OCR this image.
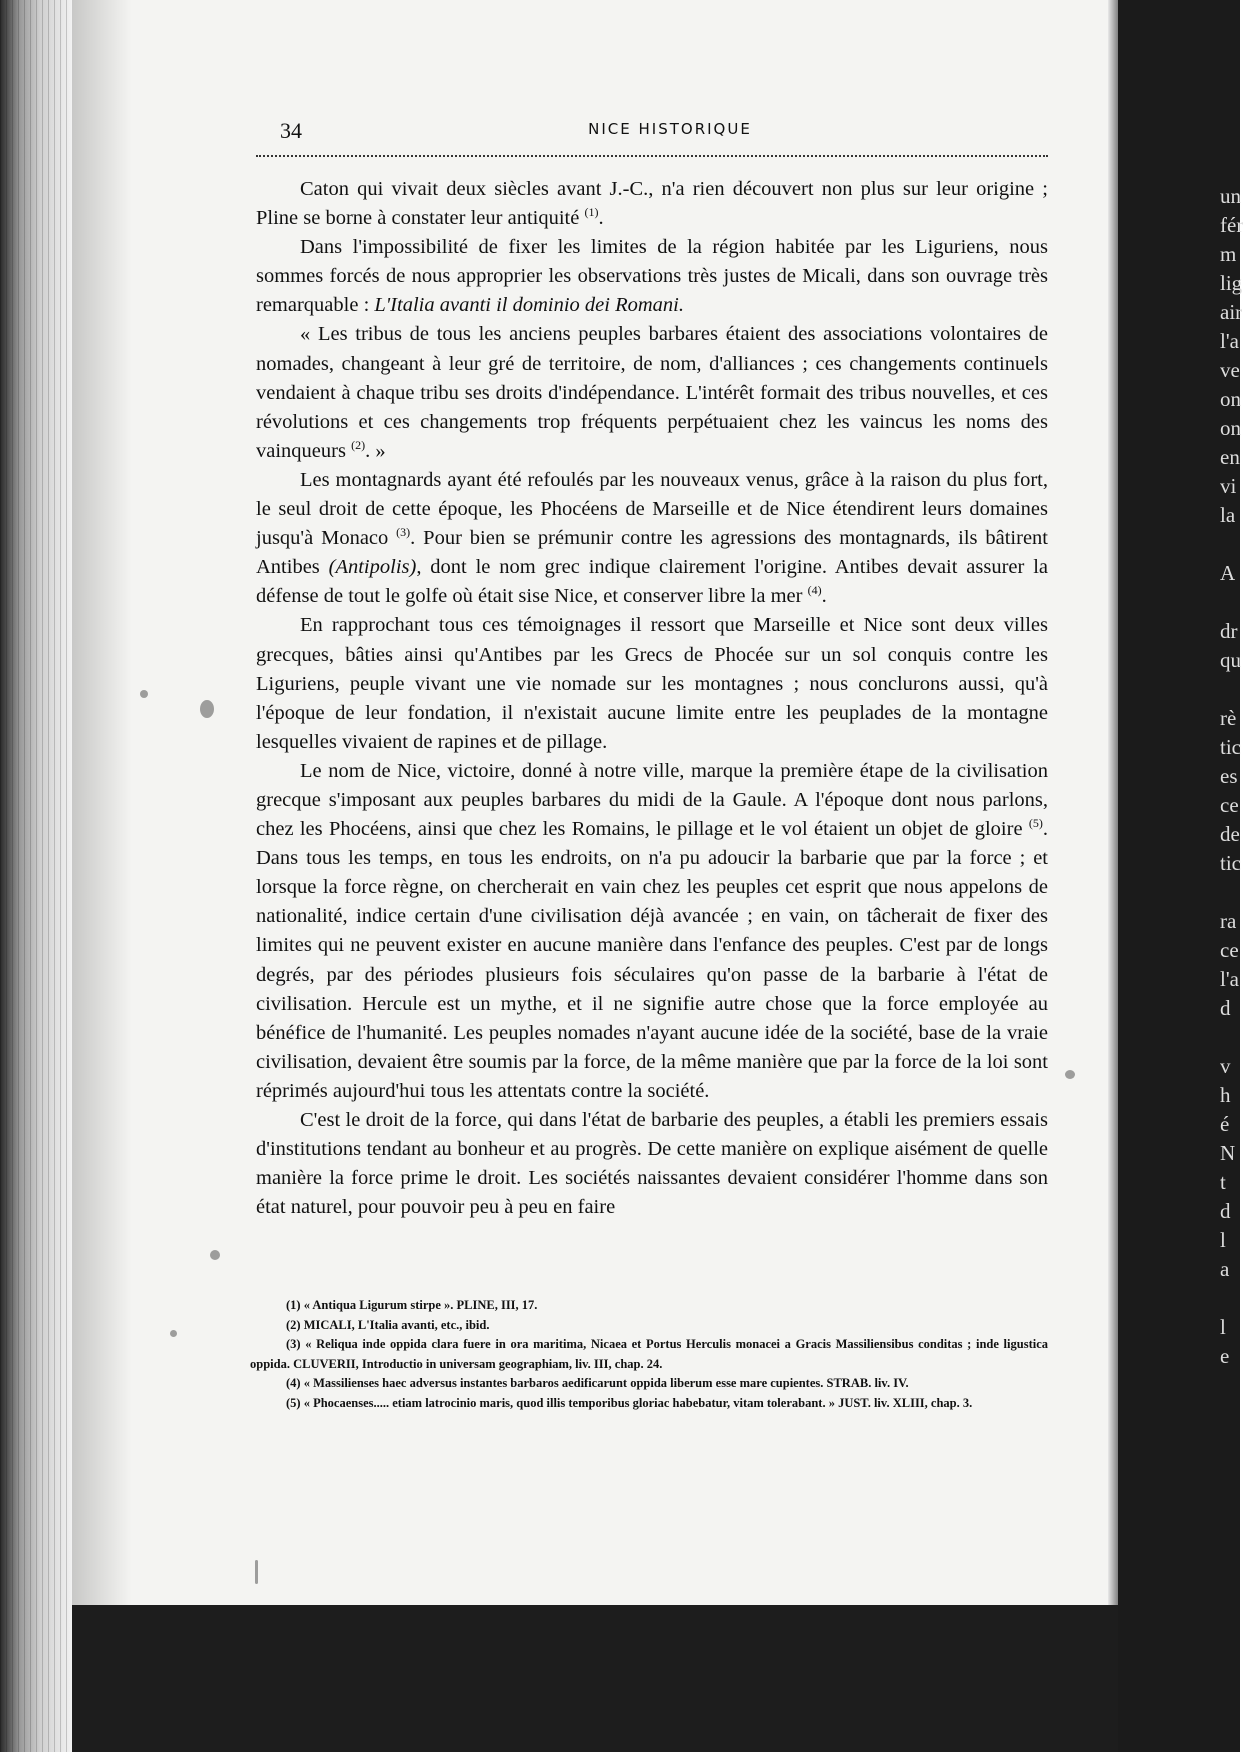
un
fér
m
lig
air
l'a
ve
on
on
en
vi
la

A

dr
qu

rè
tic
es
ce
de
tic

ra
ce
l'a
d

v
h
é
N
t
d
l
a

l
e
34	NICE HISTORIQUE

Caton qui vivait deux siècles avant J.-C., n'a rien découvert non plus sur leur origine ; Pline se borne à constater leur antiquité $^{(1)}$.

Dans l'impossibilité de fixer les limites de la région habitée par les Liguriens, nous sommes forcés de nous approprier les observations très justes de Micali, dans son ouvrage très remarquable : L'Italia avanti il dominio dei Romani.

« Les tribus de tous les anciens peuples barbares étaient des associations volontaires de nomades, changeant à leur gré de territoire, de nom, d'alliances ; ces changements continuels vendaient à chaque tribu ses droits d'indépendance. L'intérêt formait des tribus nouvelles, et ces révolutions et ces changements trop fréquents perpétuaient chez les vaincus les noms des vainqueurs $^{(2)}$. »

Les montagnards ayant été refoulés par les nouveaux venus, grâce à la raison du plus fort, le seul droit de cette époque, les Phocéens de Marseille et de Nice étendirent leurs domaines jusqu'à Monaco $^{(3)}$. Pour bien se prémunir contre les agressions des montagnards, ils bâtirent Antibes (Antipolis), dont le nom grec indique clairement l'origine. Antibes devait assurer la défense de tout le golfe où était sise Nice, et conserver libre la mer $^{(4)}$.

En rapprochant tous ces témoignages il ressort que Marseille et Nice sont deux villes grecques, bâties ainsi qu'Antibes par les Grecs de Phocée sur un sol conquis contre les Liguriens, peuple vivant une vie nomade sur les montagnes ; nous conclurons aussi, qu'à l'époque de leur fondation, il n'existait aucune limite entre les peuplades de la montagne lesquelles vivaient de rapines et de pillage.

Le nom de Nice, victoire, donné à notre ville, marque la première étape de la civilisation grecque s'imposant aux peuples barbares du midi de la Gaule. A l'époque dont nous parlons, chez les Phocéens, ainsi que chez les Romains, le pillage et le vol étaient un objet de gloire $^{(5)}$. Dans tous les temps, en tous les endroits, on n'a pu adoucir la barbarie que par la force ; et lorsque la force règne, on chercherait en vain chez les peuples cet esprit que nous appelons de nationalité, indice certain d'une civilisation déjà avancée ; en vain, on tâcherait de fixer des limites qui ne peuvent exister en aucune manière dans l'enfance des peuples. C'est par de longs degrés, par des périodes plusieurs fois séculaires qu'on passe de la barbarie à l'état de civilisation. Hercule est un mythe, et il ne signifie autre chose que la force employée au bénéfice de l'humanité. Les peuples nomades n'ayant aucune idée de la société, base de la vraie civilisation, devaient être soumis par la force, de la même manière que par la force de la loi sont réprimés aujourd'hui tous les attentats contre la société.

C'est le droit de la force, qui dans l'état de barbarie des peuples, a établi les premiers essais d'institutions tendant au bonheur et au progrès. De cette manière on explique aisément de quelle manière la force prime le droit. Les sociétés naissantes devaient considérer l'homme dans son état naturel, pour pouvoir peu à peu en faire

(1) « Antiqua Ligurum stirpe ». PLINE, III, 17.

(2) MICALI, L'Italia avanti, etc., ibid.

(3) « Reliqua inde oppida clara fuere in ora maritima, Nicaea et Portus Herculis monacei a Gracis Massiliensibus conditas ; inde ligustica oppida. CLUVERII, Introductio in universam geographiam, liv. III, chap. 24.

(4) « Massilienses haec adversus instantes barbaros aedificarunt oppida liberum esse mare cupientes. STRAB. liv. IV.

(5) « Phocaenses..... etiam latrocinio maris, quod illis temporibus gloriac habebatur, vitam tolerabant. » JUST. liv. XLIII, chap. 3.
